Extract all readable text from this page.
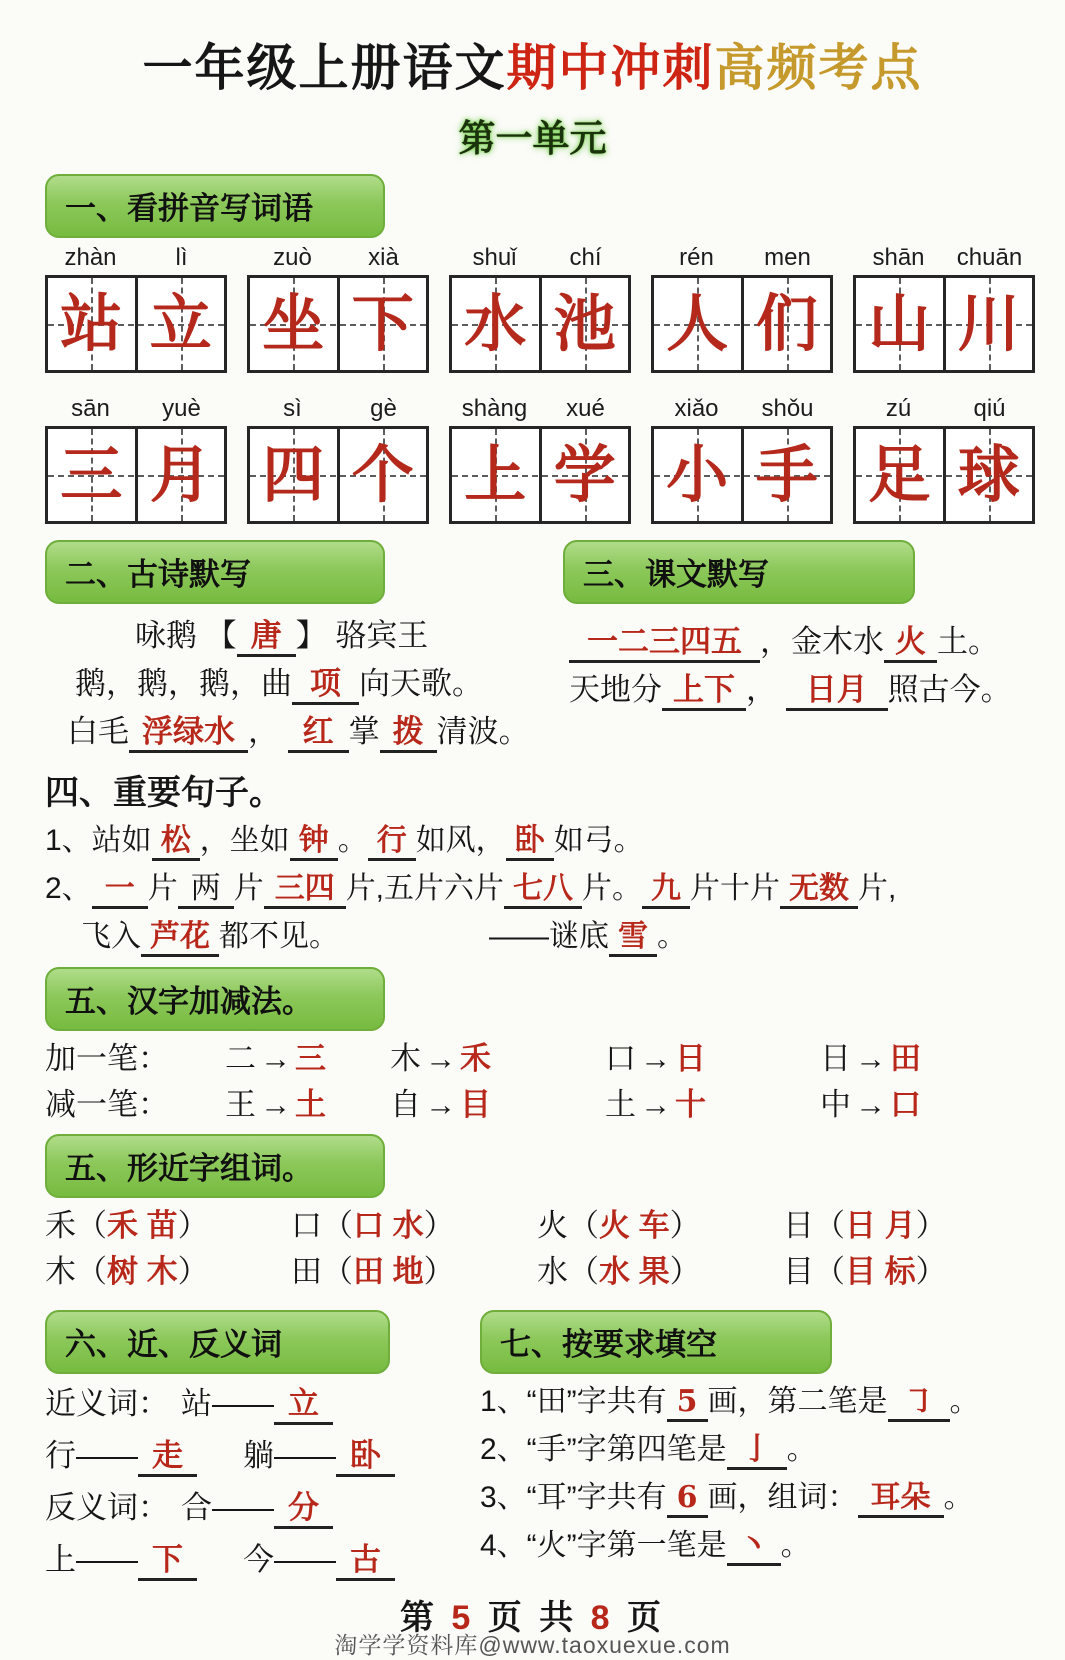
一年级上册语文期中冲刺高频考点
第一单元
一、看拼音写词语
zhàn	lì
站 立
zuò	xià
坐 下
shuǐ	chí
水 池
rén	men
人 们
shān	chuān
山 川
sān	yuè
三 月
sì	gè
四 个
shàng	xué
上 学
xiǎo	shǒu
小 手
zú	qiú
足 球
二、古诗默写
咏鹅 【 唐 】 骆宾王
鹅，鹅，鹅，曲 项 向天歌。
白毛 浮绿水 ， 红 掌 拨 清波。
三、课文默写
一二三四五 ，金木水 火 土。
天地分 上下 ， 日月 照古今。
四、重要句子。
1、站如 松 ，坐如 钟 。 行 如风， 卧 如弓。
2、 一 片 两 片 三四 片,五片六片 七八 片。 九 片十片 无数 片,
飞入 芦花 都不见。	——谜底 雪 。
五、汉字加减法。
加一笔：	二 → 三	木 → 禾	口 → 日	日 → 田
减一笔：	王 → 土	自 → 目	土 → 十	中 → 口
五、形近字组词。
禾（禾 苗）	口（口 水）	火（火 车）	日（日 月）
木（树 木）	田（田 地）	水（水 果）	目（目 标）
六、近、反义词
近义词： 站—— 立
行—— 走 躺—— 卧
反义词： 合—— 分
上—— 下 今—— 古
七、按要求填空
1、“田”字共有 5 画，第二笔是 ㇆ 。
2、“手”字第四笔是 亅 。
3、“耳”字共有 6 画，组词： 耳朵 。
4、“火”字第一笔是 丶 。
第 5 页 共 8 页
淘学学资料库@www.taoxuexue.com
